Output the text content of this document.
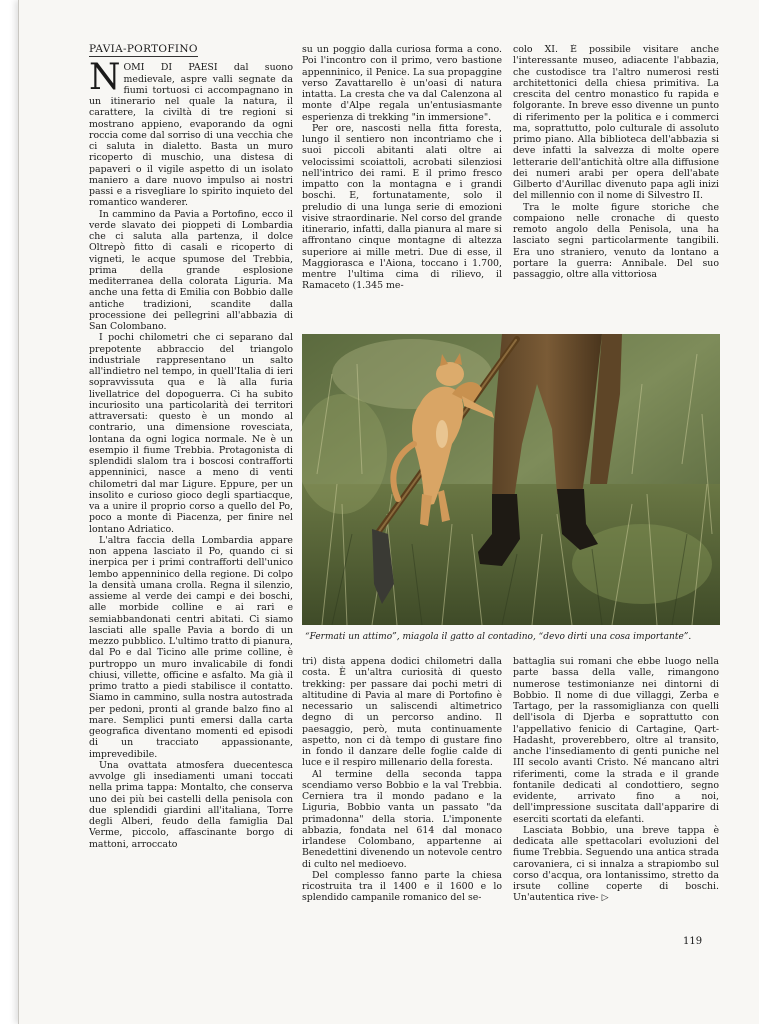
PAVIA-PORTOFINO

NOMI DI PAESI dal suono medievale, aspre valli segnate da fiumi tortuosi ci accompagnano in un itinerario nel quale la natura, il carattere, la civiltà di tre regioni si mostrano appieno, evaporando da ogni roccia come dal sorriso di una vecchia che ci saluta in dialetto. Basta un muro ricoperto di muschio, una distesa di papaveri o il vigile aspetto di un isolato maniero a dare nuovo impulso ai nostri passi e a risvegliare lo spirito inquieto del romantico wanderer.

In cammino da Pavia a Portofino, ecco il verde slavato dei pioppeti di Lombardia che ci saluta alla partenza, il dolce Oltrepò fitto di casali e ricoperto di vigneti, le acque spumose del Trebbia, prima della grande esplosione mediterranea della colorata Liguria. Ma anche una fetta di Emilia con Bobbio dalle antiche tradizioni, scandite dalla processione dei pellegrini all'abbazia di San Colombano.

I pochi chilometri che ci separano dal prepotente abbraccio del triangolo industriale rappresentano un salto all'indietro nel tempo, in quell'Italia di ieri sopravvissuta qua e là alla furia livellatrice del dopoguerra. Ci ha subito incuriosito una particolarità dei territori attraversati: questo è un mondo al contrario, una dimensione rovesciata, lontana da ogni logica normale. Ne è un esempio il fiume Trebbia. Protagonista di splendidi slalom tra i boscosi contrafforti appenninici, nasce a meno di venti chilometri dal mar Ligure. Eppure, per un insolito e curioso gioco degli spartiacque, va a unire il proprio corso a quello del Po, poco a monte di Piacenza, per finire nel lontano Adriatico.

L'altra faccia della Lombardia appare non appena lasciato il Po, quando ci si inerpica per i primi contrafforti dell'unico lembo appenninico della regione. Di colpo la densità umana crolla. Regna il silenzio, assieme al verde dei campi e dei boschi, alle morbide colline e ai rari e semiabbandonati centri abitati. Ci siamo lasciati alle spalle Pavia a bordo di un mezzo pubblico. L'ultimo tratto di pianura, dal Po e dal Ticino alle prime colline, è purtroppo un muro invalicabile di fondi chiusi, villette, officine e asfalto. Ma già il primo tratto a piedi stabilisce il contatto. Siamo in cammino, sulla nostra autostrada per pedoni, pronti al grande balzo fino al mare. Semplici punti emersi dalla carta geografica diventano momenti ed episodi di un tracciato appassionante, imprevedibile.

Una ovattata atmosfera duecentesca avvolge gli insediamenti umani toccati nella prima tappa: Montalto, che conserva uno dei più bei castelli della penisola con due splendidi giardini all'italiana, Torre degli Alberi, feudo della famiglia Dal Verme, piccolo, affascinante borgo di mattoni, arroccato

su un poggio dalla curiosa forma a cono. Poi l'incontro con il primo, vero bastione appenninico, il Penice. La sua propaggine verso Zavattarello è un'oasi di natura intatta. La cresta che va dal Calenzona al monte d'Alpe regala un'entusiasmante esperienza di trekking "in immersione".

Per ore, nascosti nella fitta foresta, lungo il sentiero non incontriamo che i suoi piccoli abitanti alati oltre ai velocissimi scoiattoli, acrobati silenziosi nell'intrico dei rami. E il primo fresco impatto con la montagna e i grandi boschi. E, fortunatamente, solo il preludio di una lunga serie di emozioni visive straordinarie. Nel corso del grande itinerario, infatti, dalla pianura al mare si affrontano cinque montagne di altezza superiore ai mille metri. Due di esse, il Maggiorasca e l'Aiona, toccano i 1.700, mentre l'ultima cima di rilievo, il Ramaceto (1.345 me-

colo XI. È possibile visitare anche l'interessante museo, adiacente l'abbazia, che custodisce tra l'altro numerosi resti architettonici della chiesa primitiva. La crescita del centro monastico fu rapida e folgorante. In breve esso divenne un punto di riferimento per la politica e i commerci ma, soprattutto, polo culturale di assoluto primo piano. Alla biblioteca dell'abbazia si deve infatti la salvezza di molte opere letterarie dell'antichità oltre alla diffusione dei numeri arabi per opera dell'abate Gilberto d'Aurillac divenuto papa agli inizi del millennio con il nome di Silvestro II.

Tra le molte figure storiche che compaiono nelle cronache di questo remoto angolo della Penisola, una ha lasciato segni particolarmente tangibili. Era uno straniero, venuto da lontano a portare la guerra: Annibale. Del suo passaggio, oltre alla vittoriosa

“Fermati un attimo”, miagola il gatto al contadino, “devo dirti una cosa importante”.

tri) dista appena dodici chilometri dalla costa. È un'altra curiosità di questo trekking: per passare dai pochi metri di altitudine di Pavia al mare di Portofino è necessario un saliscendi altimetrico degno di un percorso andino. Il paesaggio, però, muta continuamente aspetto, non ci dà tempo di gustare fino in fondo il danzare delle foglie calde di luce e il respiro millenario della foresta.

Al termine della seconda tappa scendiamo verso Bobbio e la val Trebbia. Cerniera tra il mondo padano e la Liguria, Bobbio vanta un passato "da primadonna" della storia. L'imponente abbazia, fondata nel 614 dal monaco irlandese Colombano, appartenne ai Benedettini divenendo un notevole centro di culto nel medioevo.

Del complesso fanno parte la chiesa ricostruita tra il 1400 e il 1600 e lo splendido campanile romanico del se-

battaglia sui romani che ebbe luogo nella parte bassa della valle, rimangono numerose testimonianze nei dintorni di Bobbio. Il nome di due villaggi, Zerba e Tartago, per la rassomiglianza con quelli dell'isola di Djerba e soprattutto con l'appellativo fenicio di Cartagine, Qart-Hadasht, proverebbero, oltre al transito, anche l'insediamento di genti puniche nel III secolo avanti Cristo. Né mancano altri riferimenti, come la strada e il grande fontanile dedicati al condottiero, segno evidente, arrivato fino a noi, dell'impressione suscitata dall'apparire di eserciti scortati da elefanti.

Lasciata Bobbio, una breve tappa è dedicata alle spettacolari evoluzioni del fiume Trebbia. Seguendo una antica strada carovaniera, ci si innalza a strapiombo sul corso d'acqua, ora lontanissimo, stretto da irsute colline coperte di boschi. Un'autentica rive- ▷

119
